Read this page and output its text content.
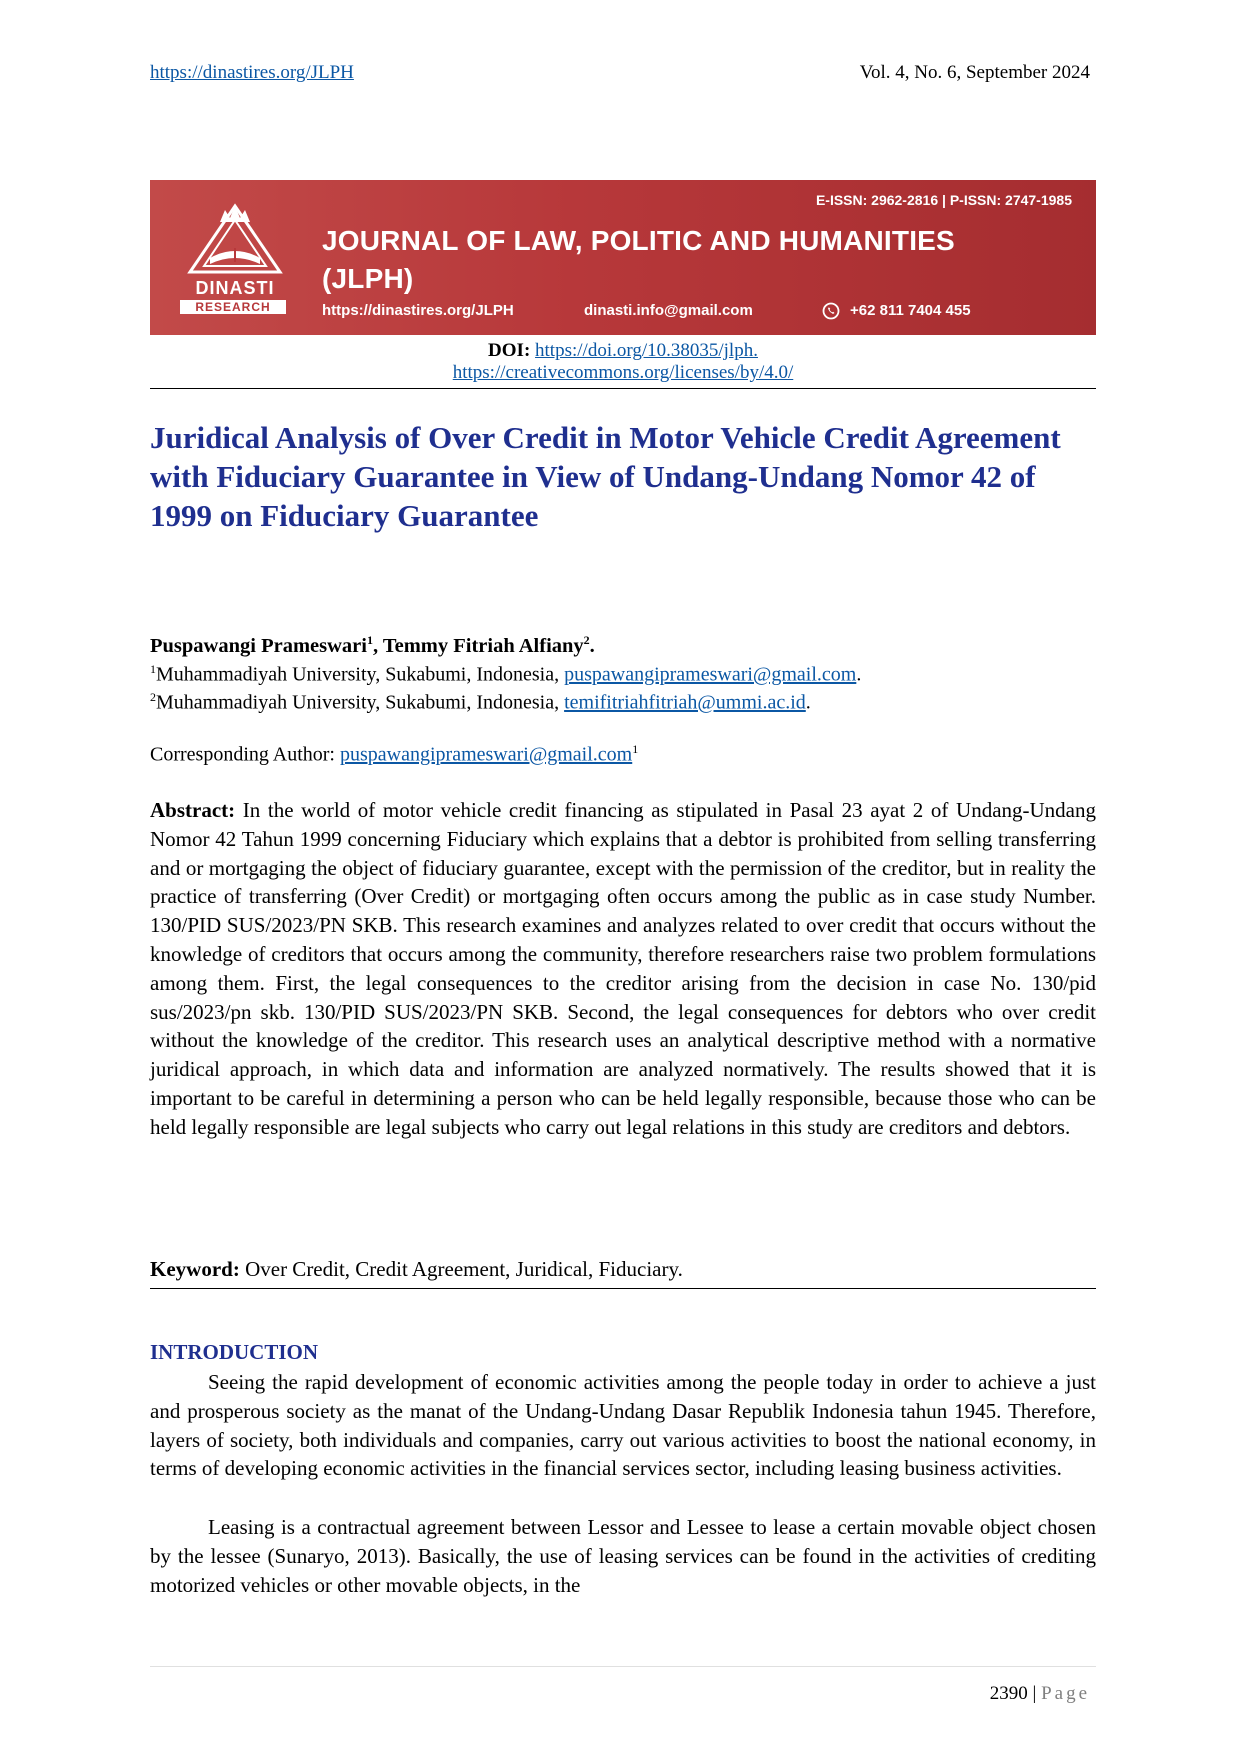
https://dinastires.org/JLPH	Vol. 4, No. 6, September 2024
DINASTI
RESEARCH
E-ISSN: 2962-2816 | P-ISSN: 2747-1985
JOURNAL OF LAW, POLITIC AND HUMANITIES
(JLPH)
https://dinastires.org/JLPH	dinasti.info@gmail.com	+62 811 7404 455
DOI: https://doi.org/10.38035/jlph.
https://creativecommons.org/licenses/by/4.0/
Juridical Analysis of Over Credit in Motor Vehicle Credit Agreement with Fiduciary Guarantee in View of Undang-Undang Nomor 42 of 1999 on Fiduciary Guarantee
Puspawangi Prameswari$^1$, Temmy Fitriah Alfiany$^2$.
$^1$Muhammadiyah University, Sukabumi, Indonesia, puspawangiprameswari@gmail.com.
$^2$Muhammadiyah University, Sukabumi, Indonesia, temifitriahfitriah@ummi.ac.id.
Corresponding Author: puspawangiprameswari@gmail.com$^1$
Abstract: In the world of motor vehicle credit financing as stipulated in Pasal 23 ayat 2 of Undang-Undang Nomor 42 Tahun 1999 concerning Fiduciary which explains that a debtor is prohibited from selling transferring and or mortgaging the object of fiduciary guarantee, except with the permission of the creditor, but in reality the practice of transferring (Over Credit) or mortgaging often occurs among the public as in case study Number. 130/PID SUS/2023/PN SKB. This research examines and analyzes related to over credit that occurs without the knowledge of creditors that occurs among the community, therefore researchers raise two problem formulations among them. First, the legal consequences to the creditor arising from the decision in case No. 130/pid sus/2023/pn skb. 130/PID SUS/2023/PN SKB. Second, the legal consequences for debtors who over credit without the knowledge of the creditor. This research uses an analytical descriptive method with a normative juridical approach, in which data and information are analyzed normatively. The results showed that it is important to be careful in determining a person who can be held legally responsible, because those who can be held legally responsible are legal subjects who carry out legal relations in this study are creditors and debtors.
Keyword: Over Credit, Credit Agreement, Juridical, Fiduciary.
INTRODUCTION
Seeing the rapid development of economic activities among the people today in order to achieve a just and prosperous society as the manat of the Undang-Undang Dasar Republik Indonesia tahun 1945. Therefore, layers of society, both individuals and companies, carry out various activities to boost the national economy, in terms of developing economic activities in the financial services sector, including leasing business activities.
Leasing is a contractual agreement between Lessor and Lessee to lease a certain movable object chosen by the lessee (Sunaryo, 2013). Basically, the use of leasing services can be found in the activities of crediting motorized vehicles or other movable objects, in the
2390 | Page
